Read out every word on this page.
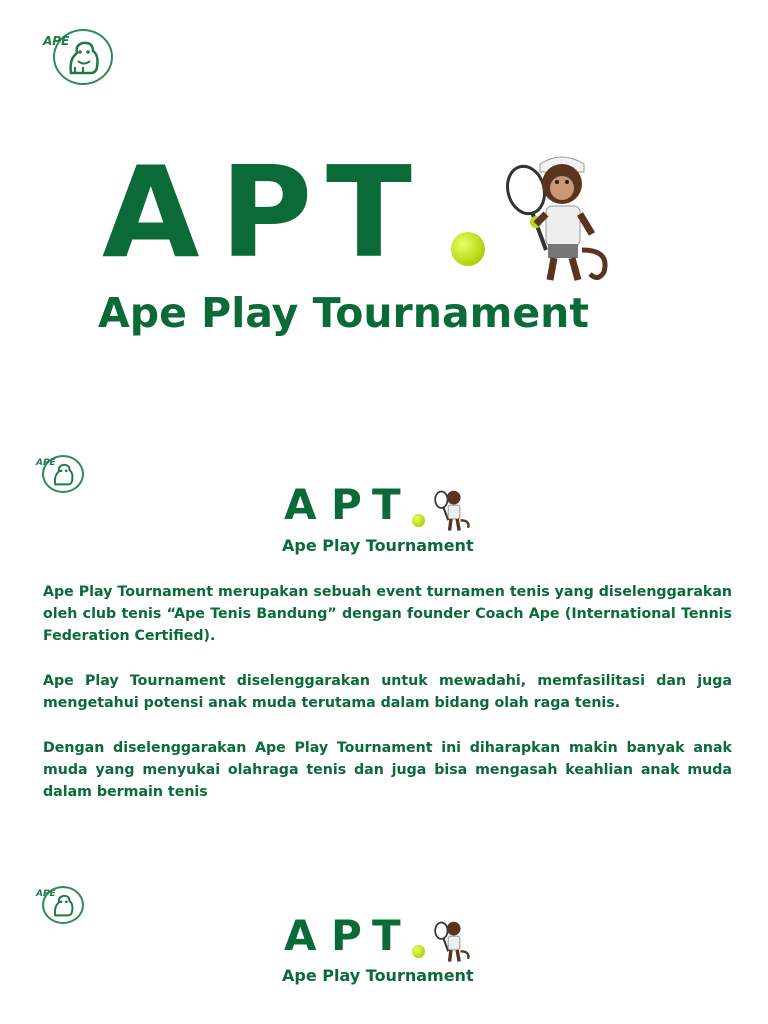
APE
A P T
Ape Play Tournament
APE
A P T
Ape Play Tournament

Ape Play Tournament merupakan sebuah event turnamen tenis yang diselenggarakan oleh club tenis “Ape Tenis Bandung” dengan founder Coach Ape (International Tennis Federation Certified).

Ape Play Tournament diselenggarakan untuk mewadahi, memfasilitasi dan juga mengetahui potensi anak muda terutama dalam bidang olah raga tenis.

Dengan diselenggarakan Ape Play Tournament ini diharapkan makin banyak anak muda yang menyukai olahraga tenis dan juga bisa mengasah keahlian anak muda dalam bermain tenis

APE
A P T
Ape Play Tournament
